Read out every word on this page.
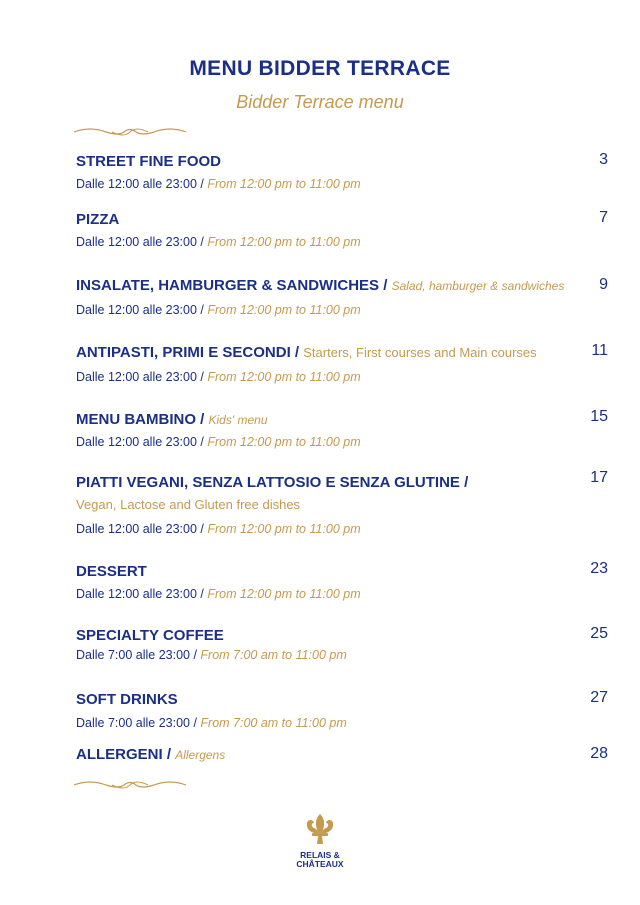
MENU BIDDER TERRACE
Bidder Terrace menu
STREET FINE FOOD
Dalle 12:00 alle 23:00 / From 12:00 pm to 11:00 pm
3
PIZZA
Dalle 12:00 alle 23:00 / From 12:00 pm to 11:00 pm
7
INSALATE, HAMBURGER & SANDWICHES / Salad, hamburger & sandwiches
Dalle 12:00 alle 23:00 / From 12:00 pm to 11:00 pm
9
ANTIPASTI, PRIMI E SECONDI / Starters, First courses and Main courses
Dalle 12:00 alle 23:00 / From 12:00 pm to 11:00 pm
11
MENU BAMBINO / Kids' menu
Dalle 12:00 alle 23:00 / From 12:00 pm to 11:00 pm
15
PIATTI VEGANI, SENZA LATTOSIO E SENZA GLUTINE /
Vegan, Lactose and Gluten free dishes
Dalle 12:00 alle 23:00 / From 12:00 pm to 11:00 pm
17
DESSERT
Dalle 12:00 alle 23:00 / From 12:00 pm to 11:00 pm
23
SPECIALTY COFFEE
Dalle 7:00 alle 23:00 / From 7:00 am to 11:00 pm
25
SOFT DRINKS
Dalle 7:00 alle 23:00 / From 7:00 am to 11:00 pm
27
ALLERGENI / Allergens	28
RELAIS &
CHÂTEAUX
